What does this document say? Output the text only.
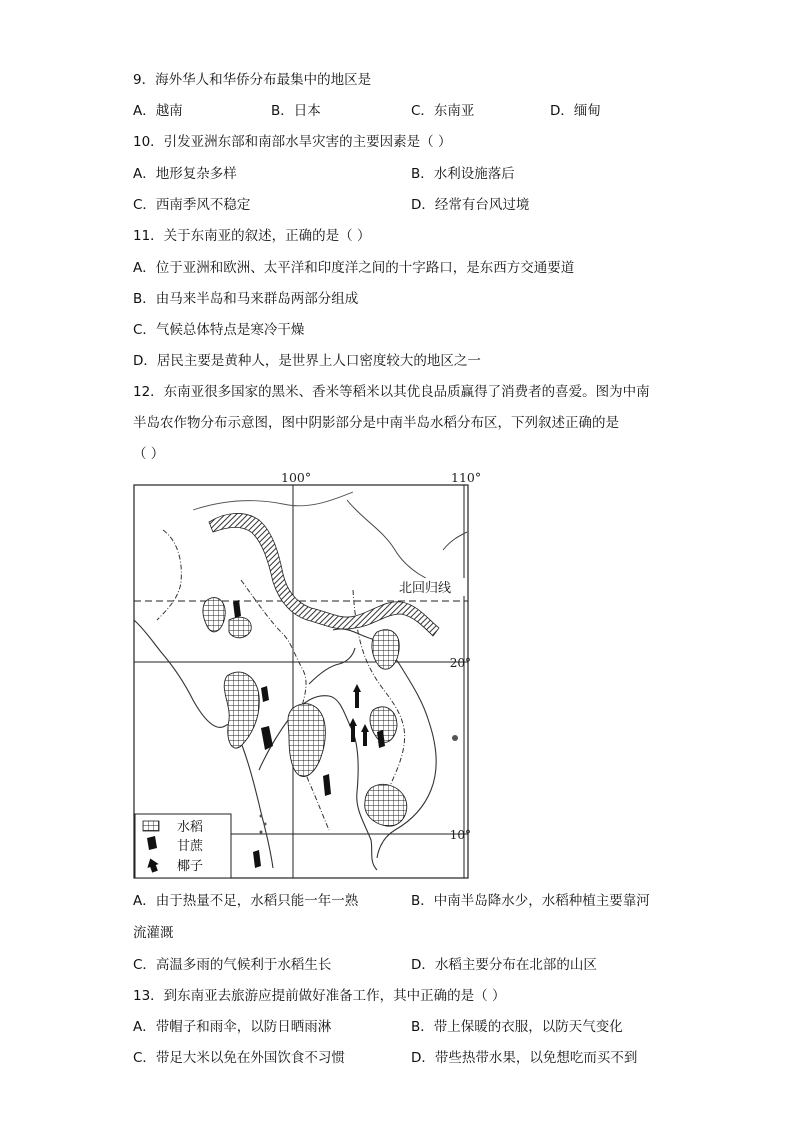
9．海外华人和华侨分布最集中的地区是
A．越南	B．日本	C．东南亚	D．缅甸
10．引发亚洲东部和南部水旱灾害的主要因素是（ ）
A．地形复杂多样	B．水利设施落后
C．西南季风不稳定	D．经常有台风过境
11．关于东南亚的叙述，正确的是（ ）
A．位于亚洲和欧洲、太平洋和印度洋之间的十字路口，是东西方交通要道
B．由马来半岛和马来群岛两部分组成
C．气候总体特点是寒冷干燥
D．居民主要是黄种人，是世界上人口密度较大的地区之一
12．东南亚很多国家的黑米、香米等稻米以其优良品质赢得了消费者的喜爱。图为中南
半岛农作物分布示意图，图中阴影部分是中南半岛水稻分布区，下列叙述正确的是
（ ）
100°	110°
20°
10°
北回归线
水稻
甘蔗
椰子
A．由于热量不足，水稻只能一年一熟	B．中南半岛降水少，水稻种植主要靠河
流灌溉
C．高温多雨的气候利于水稻生长	D．水稻主要分布在北部的山区
13．到东南亚去旅游应提前做好准备工作，其中正确的是（ ）
A．带帽子和雨伞，以防日晒雨淋	B．带上保暖的衣服，以防天气变化
C．带足大米以免在外国饮食不习惯	D．带些热带水果，以免想吃而买不到
